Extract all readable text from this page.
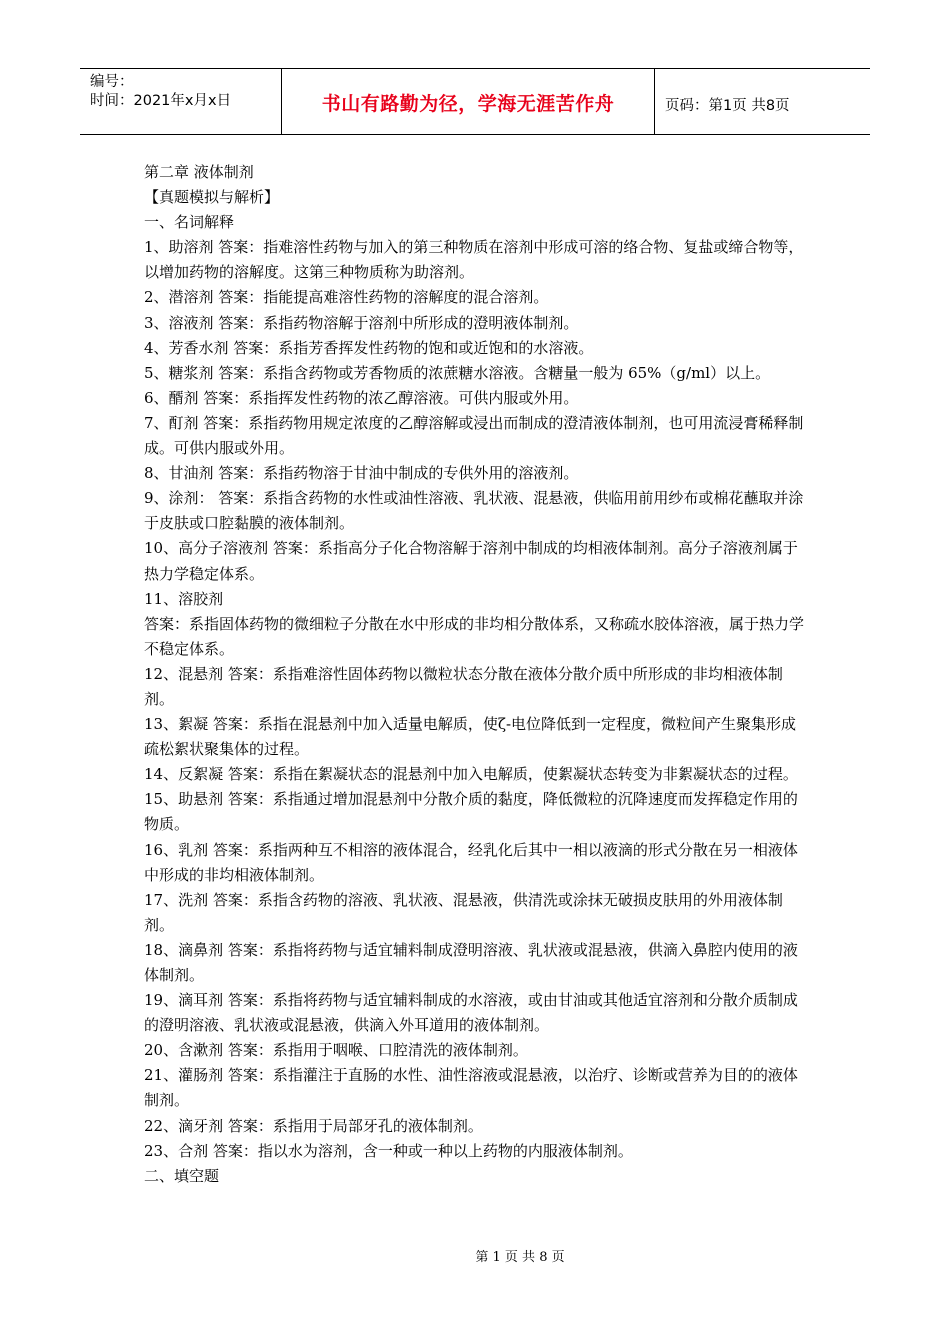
编号：
时间：2021年x月x日	书山有路勤为径，学海无涯苦作舟	页码：第1页 共8页

第二章 液体制剂

【真题模拟与解析】

一、名词解释

1、助溶剂 答案：指难溶性药物与加入的第三种物质在溶剂中形成可溶的络合物、复盐或缔合物等，以增加药物的溶解度。这第三种物质称为助溶剂。

2、潜溶剂 答案：指能提高难溶性药物的溶解度的混合溶剂。

3、溶液剂 答案：系指药物溶解于溶剂中所形成的澄明液体制剂。

4、芳香水剂 答案：系指芳香挥发性药物的饱和或近饱和的水溶液。

5、糖浆剂 答案：系指含药物或芳香物质的浓蔗糖水溶液。含糖量一般为 65%（g/ml）以上。

6、醑剂 答案：系指挥发性药物的浓乙醇溶液。可供内服或外用。

7、酊剂 答案：系指药物用规定浓度的乙醇溶解或浸出而制成的澄清液体制剂，也可用流浸膏稀释制成。可供内服或外用。

8、甘油剂 答案：系指药物溶于甘油中制成的专供外用的溶液剂。

9、涂剂： 答案：系指含药物的水性或油性溶液、乳状液、混悬液，供临用前用纱布或棉花蘸取并涂于皮肤或口腔黏膜的液体制剂。

10、高分子溶液剂 答案：系指高分子化合物溶解于溶剂中制成的均相液体制剂。高分子溶液剂属于热力学稳定体系。

11、溶胶剂

答案：系指固体药物的微细粒子分散在水中形成的非均相分散体系，又称疏水胶体溶液，属于热力学不稳定体系。

12、混悬剂 答案：系指难溶性固体药物以微粒状态分散在液体分散介质中所形成的非均相液体制剂。

13、絮凝 答案：系指在混悬剂中加入适量电解质，使ζ-电位降低到一定程度，微粒间产生聚集形成疏松絮状聚集体的过程。

14、反絮凝 答案：系指在絮凝状态的混悬剂中加入电解质，使絮凝状态转变为非絮凝状态的过程。

15、助悬剂 答案：系指通过增加混悬剂中分散介质的黏度，降低微粒的沉降速度而发挥稳定作用的物质。

16、乳剂 答案：系指两种互不相溶的液体混合，经乳化后其中一相以液滴的形式分散在另一相液体中形成的非均相液体制剂。

17、洗剂 答案：系指含药物的溶液、乳状液、混悬液，供清洗或涂抹无破损皮肤用的外用液体制剂。

18、滴鼻剂 答案：系指将药物与适宜辅料制成澄明溶液、乳状液或混悬液，供滴入鼻腔内使用的液体制剂。

19、滴耳剂 答案：系指将药物与适宜辅料制成的水溶液，或由甘油或其他适宜溶剂和分散介质制成的澄明溶液、乳状液或混悬液，供滴入外耳道用的液体制剂。

20、含漱剂 答案：系指用于咽喉、口腔清洗的液体制剂。

21、灌肠剂 答案：系指灌注于直肠的水性、油性溶液或混悬液，以治疗、诊断或营养为目的的液体制剂。

22、滴牙剂 答案：系指用于局部牙孔的液体制剂。

23、合剂 答案：指以水为溶剂，含一种或一种以上药物的内服液体制剂。

二、填空题

第 1 页 共 8 页
